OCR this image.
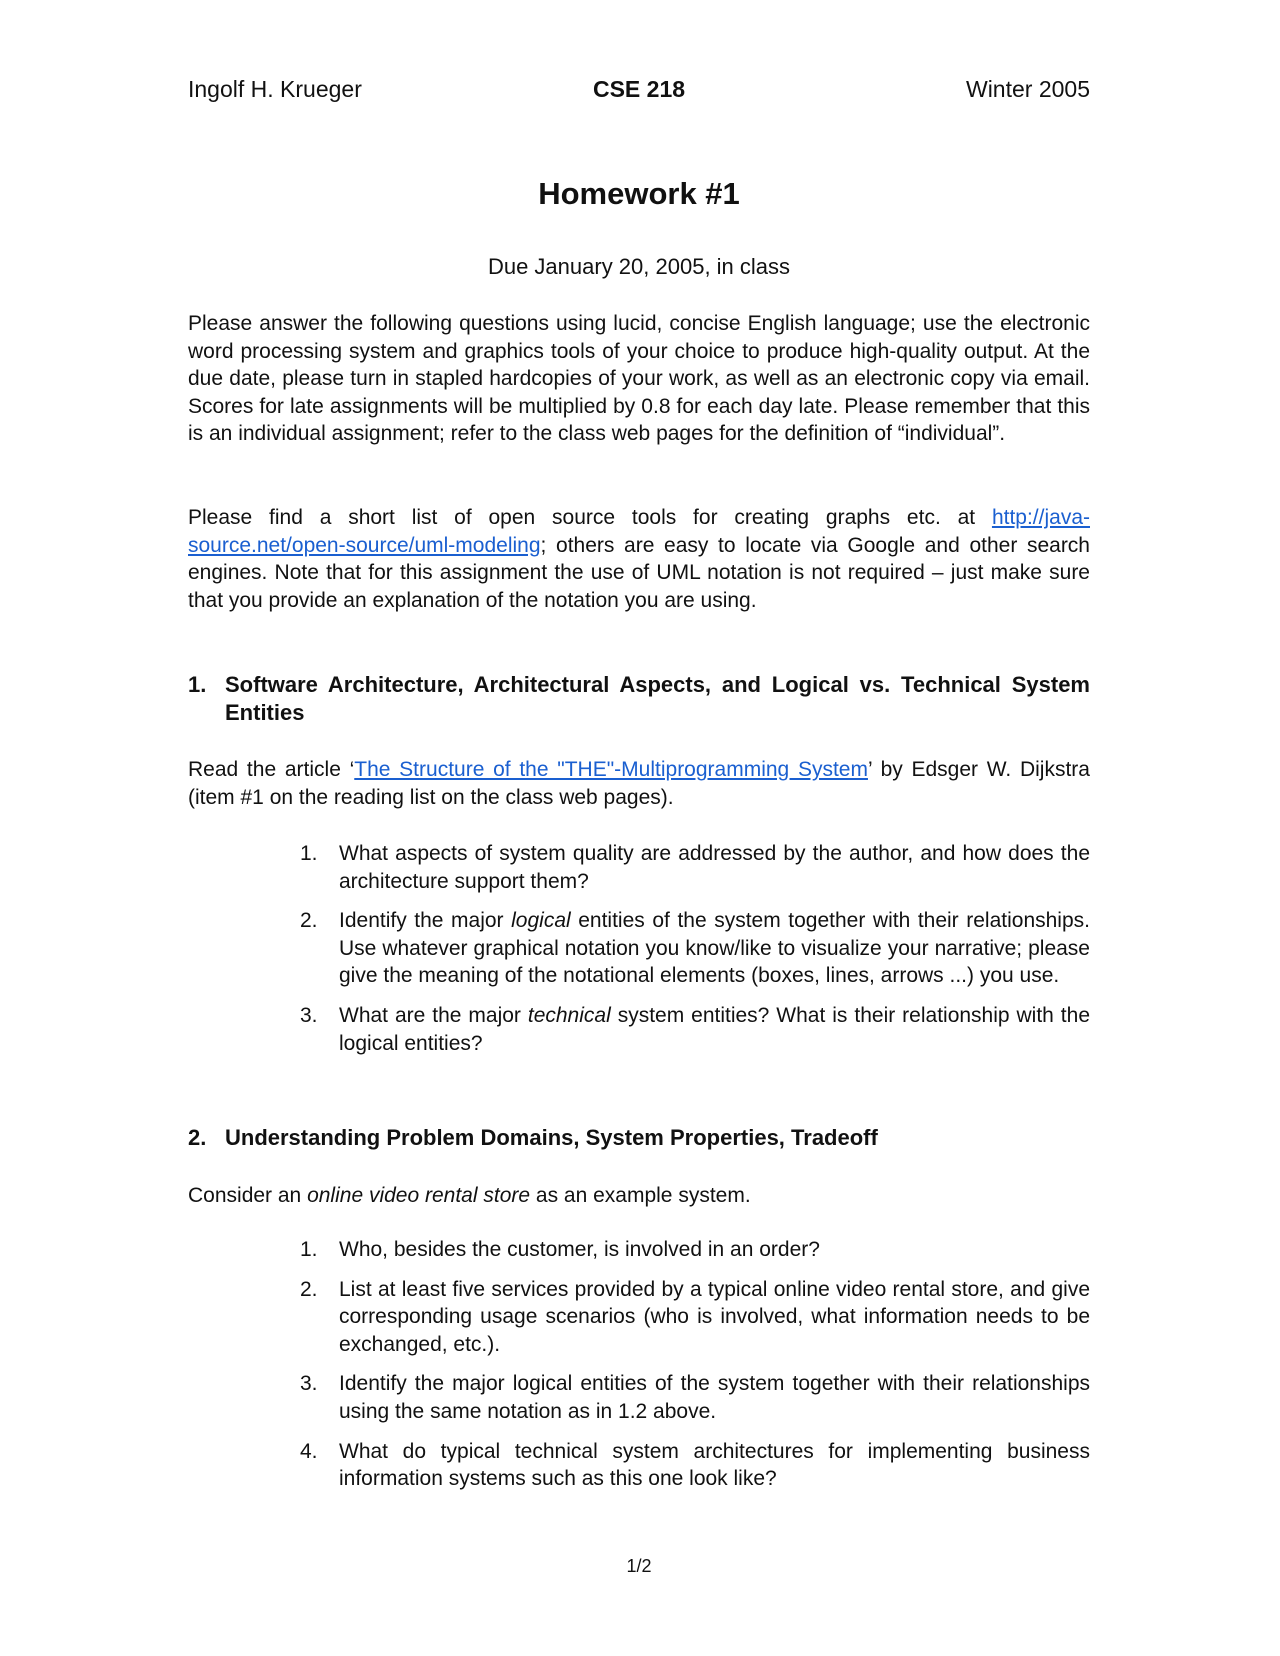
Ingolf H. Krueger	CSE 218	Winter 2005
Homework #1
Due January 20, 2005, in class

Please answer the following questions using lucid, concise English language; use the electronic word processing system and graphics tools of your choice to produce high-quality output. At the due date, please turn in stapled hardcopies of your work, as well as an electronic copy via email. Scores for late assignments will be multiplied by 0.8 for each day late. Please remember that this is an individual assignment; refer to the class web pages for the definition of “individual”.

Please find a short list of open source tools for creating graphs etc. at http://java-source.net/open-source/uml-modeling; others are easy to locate via Google and other search engines. Note that for this assignment the use of UML notation is not required – just make sure that you provide an explanation of the notation you are using.

1. Software Architecture, Architectural Aspects, and Logical vs. Technical System Entities

Read the article ‘The Structure of the "THE"-Multiprogramming System’ by Edsger W. Dijkstra (item #1 on the reading list on the class web pages).

1. What aspects of system quality are addressed by the author, and how does the architecture support them?
2. Identify the major logical entities of the system together with their relationships. Use whatever graphical notation you know/like to visualize your narrative; please give the meaning of the notational elements (boxes, lines, arrows ...) you use.
3. What are the major technical system entities? What is their relationship with the logical entities?
2. Understanding Problem Domains, System Properties, Tradeoff

Consider an online video rental store as an example system.

1. Who, besides the customer, is involved in an order?
2. List at least five services provided by a typical online video rental store, and give corresponding usage scenarios (who is involved, what information needs to be exchanged, etc.).
3. Identify the major logical entities of the system together with their relationships using the same notation as in 1.2 above.
4. What do typical technical system architectures for implementing business information systems such as this one look like?
1/2
